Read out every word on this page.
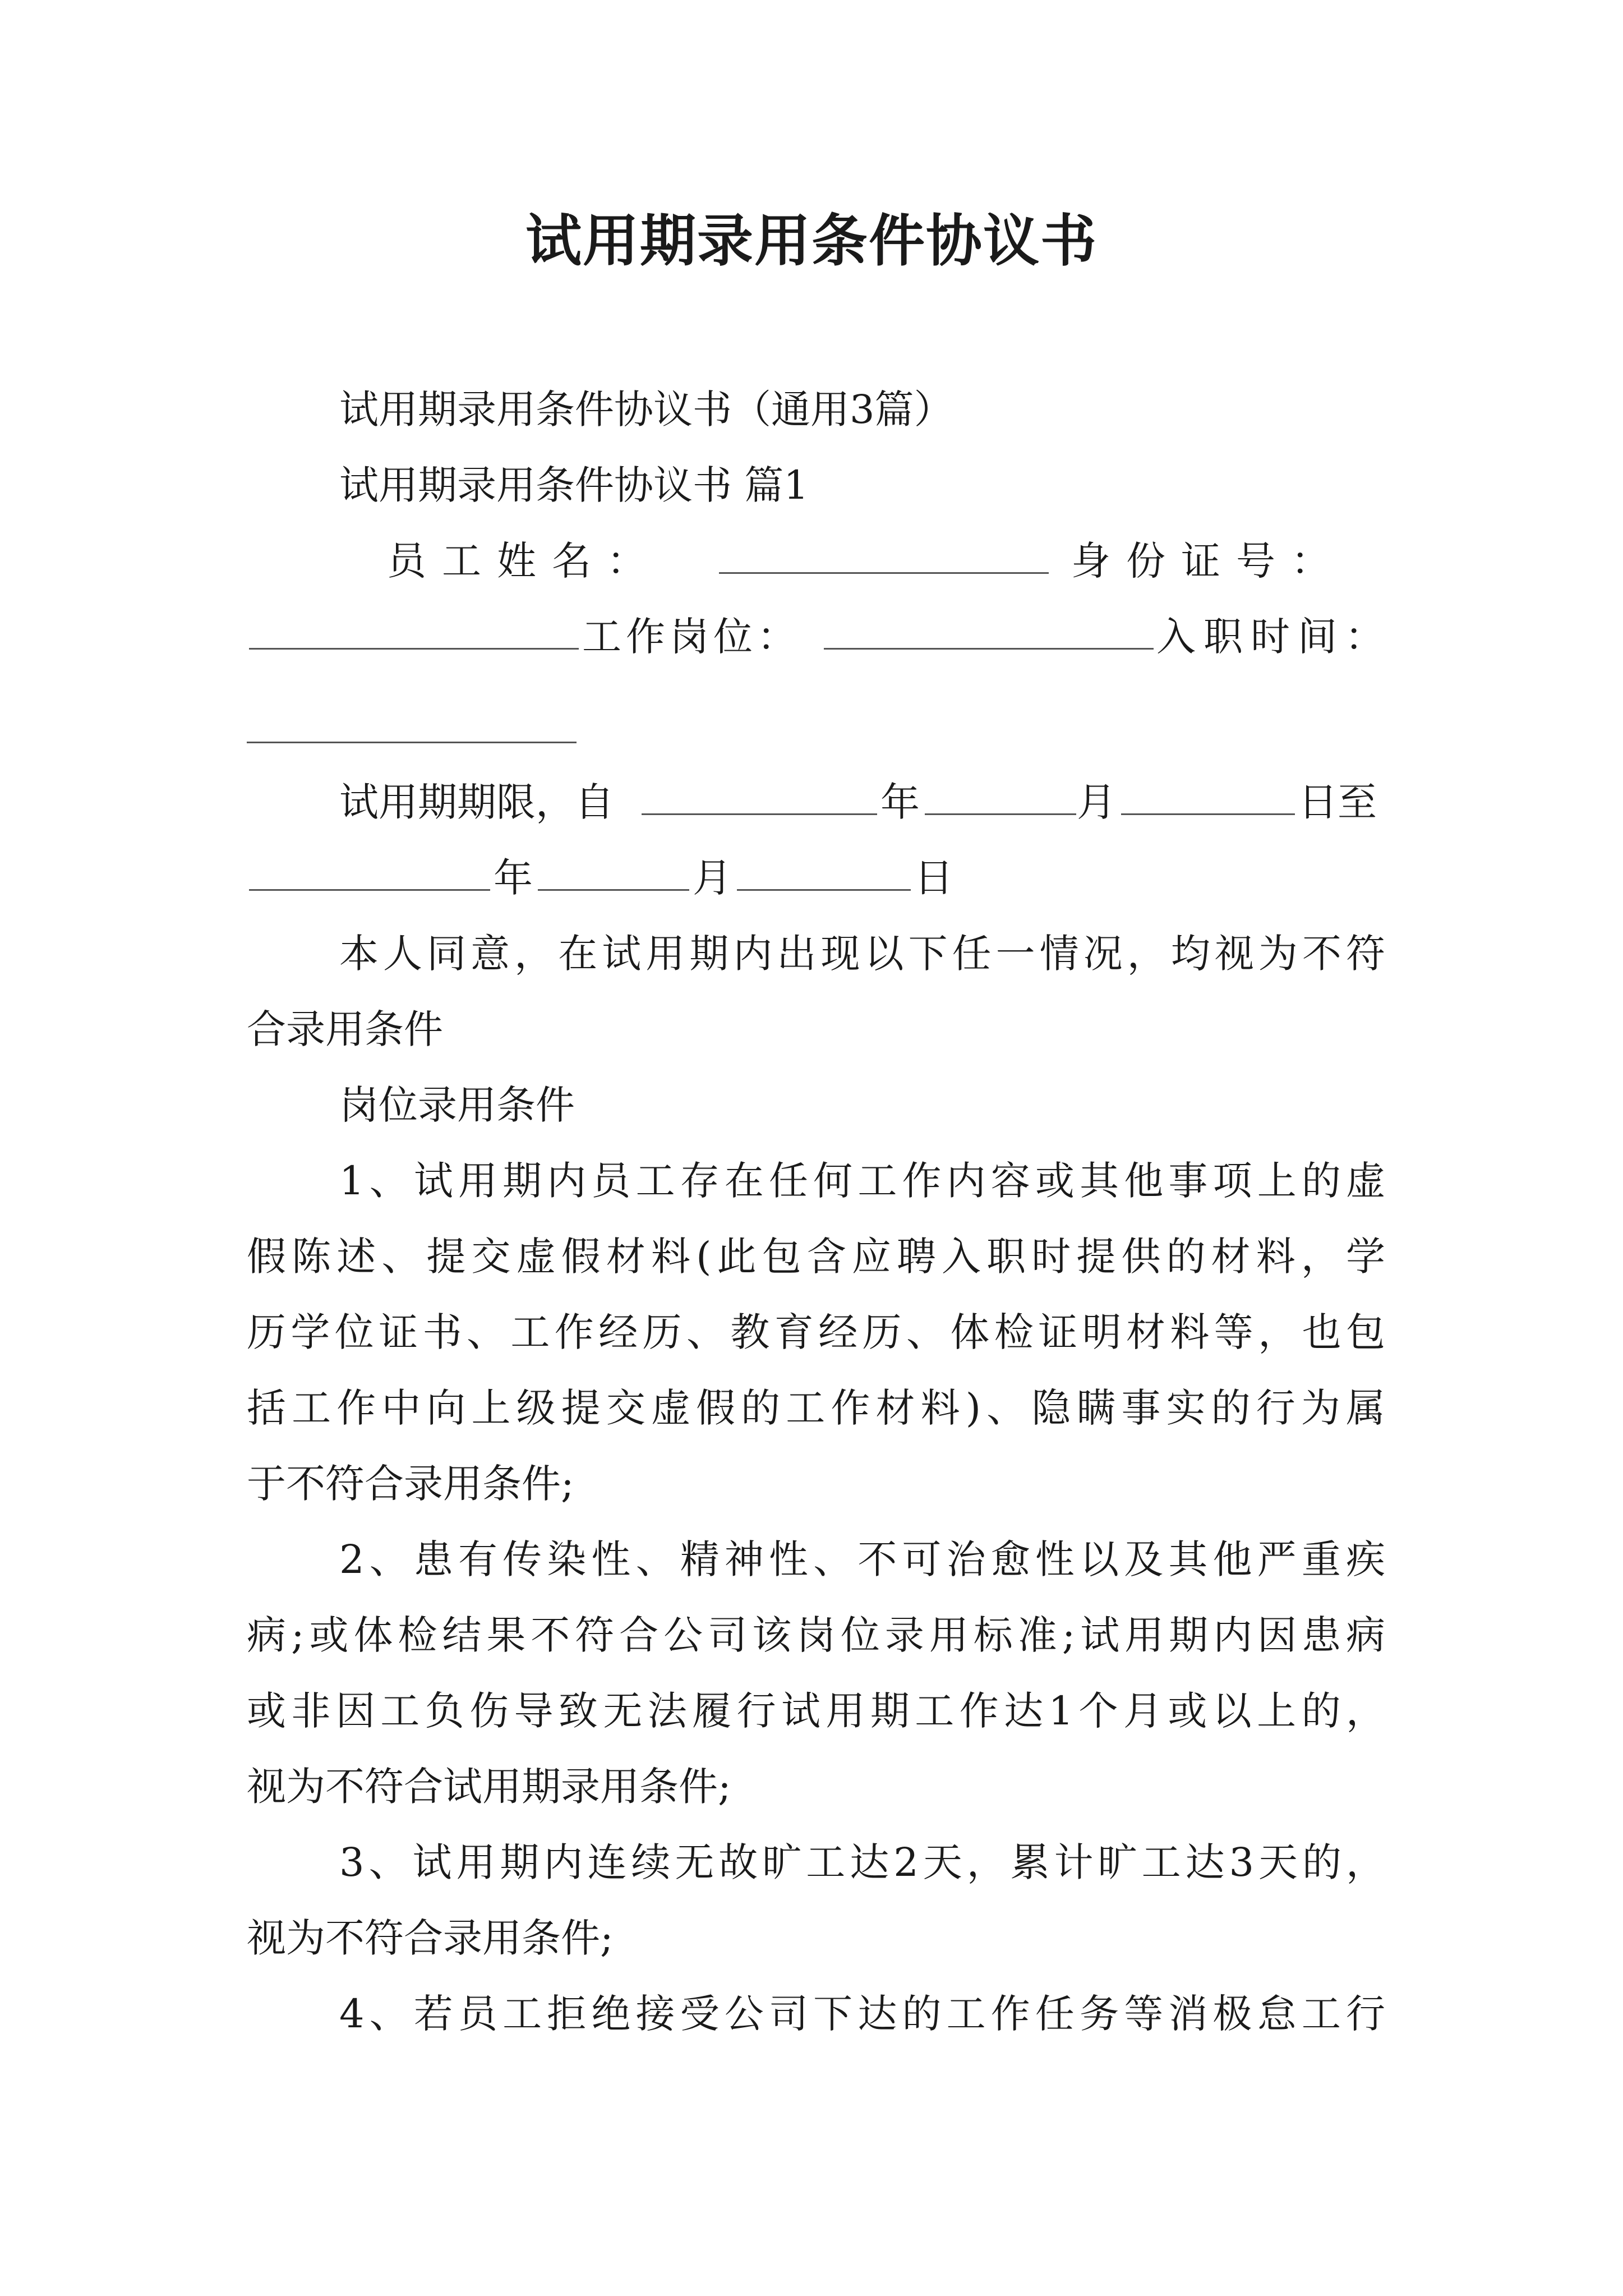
试用期录用条件协议书
试用期录用条件协议书（通用3篇）
试用期录用条件协议书 篇1
员工姓名：	身份证号：
工作岗位：	入职时间：
试用期期限，自	年	月	日至
年	月	日
本人同意，在试用期内出现以下任一情况，均视为不符
合录用条件
岗位录用条件
1、试用期内员工存在任何工作内容或其他事项上的虚
假陈述、提交虚假材料(此包含应聘入职时提供的材料，学
历学位证书、工作经历、教育经历、体检证明材料等，也包
括工作中向上级提交虚假的工作材料)、隐瞒事实的行为属
于不符合录用条件;
2、患有传染性、精神性、不可治愈性以及其他严重疾
病;或体检结果不符合公司该岗位录用标准;试用期内因患病
或非因工负伤导致无法履行试用期工作达1个月或以上的，
视为不符合试用期录用条件;
3、试用期内连续无故旷工达2天，累计旷工达3天的，
视为不符合录用条件;
4、若员工拒绝接受公司下达的工作任务等消极怠工行
